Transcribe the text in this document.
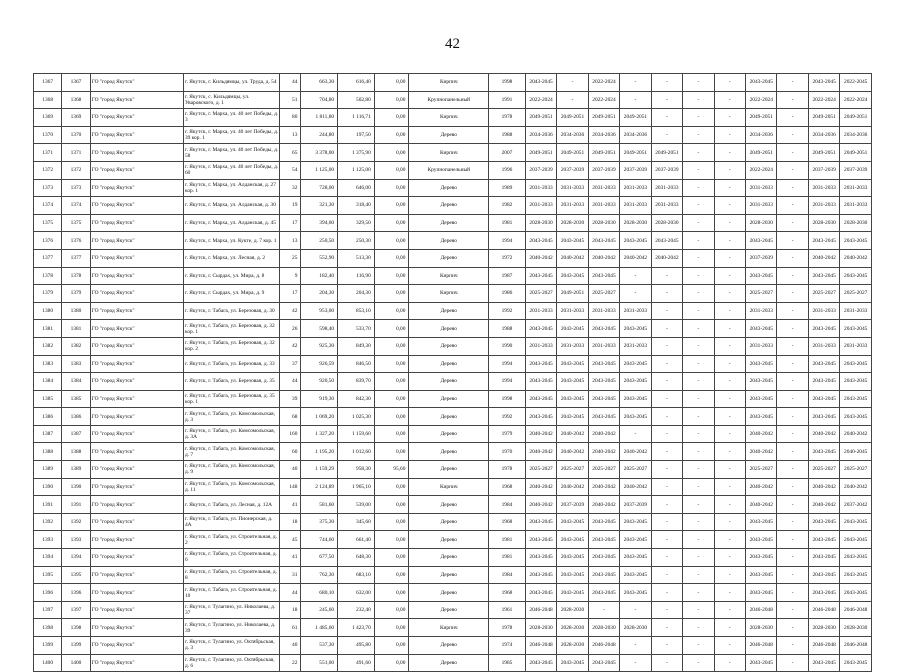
42
1367	1367	ГО "город Якутск"	г. Якутск, г. Кильдямцы, ул. Труда, д. 54	44	663,30	616,40	0,00	Кирпич	1998	2043-2045	-	2022-2024	-	-	-	-	2043-2045	-	2043-2045	2022-2045
1368	1368	ГО "город Якутск"	г. Якутск, с. Кильдямцы, ул. Уваровского, д. 1	51	704,80	502,80	0,00	Крупнопанельный	1991	2022-2024	-	2022-2024	-	-	-	-	2022-2024	-	2022-2024	2022-2024
1369	1369	ГО "город Якутск"	г. Якутск, г. Марха, ул. 40 лет Победы, д. 3	80	1 811,80	1 116,71	0,00	Кирпич	1978	2049-2051	2049-2051	2049-2051	2049-2051	-	-	-	2049-2051	-	2049-2051	2049-2051
1370	1370	ГО "город Якутск"	г. Якутск, г. Марха, ул. 40 лет Победы, д. 39 кор. 1	13	244,80	197,50	0,00	Дерево	1988	2034-2036	2034-2036	2034-2036	2034-2036	-	-	-	2034-2036	-	2034-2036	2034-2036
1371	1371	ГО "город Якутск"	г. Якутск, г. Марха, ул. 40 лет Победы, д. 58	65	3 378,00	1 375,90	0,00	Кирпич	2007	2049-2051	2049-2051	2049-2051	2049-2051	2049-2051	-	-	2049-2051	-	2049-2051	2049-2051
1372	1372	ГО "город Якутск"	г. Якутск, г. Марха, ул. 40 лет Победы, д. 60	54	1 125,00	1 125,00	0,00	Крупнопанельный	1996	2037-2039	2037-2039	2037-2039	2037-2039	2037-2039	-	-	2022-2024	-	2037-2039	2037-2039
1373	1373	ГО "город Якутск"	г. Якутск, г. Марха, ул. Алданская, д. 27 кор. 1	32	728,00	646,00	0,00	Дерево	1989	2031-2033	2031-2033	2031-2033	2031-2033	2031-2033	-	-	2031-2033	-	2031-2033	2031-2033
1374	1374	ГО "город Якутск"	г. Якутск, г. Марха, ул. Алданская, д. 30	19	321,30	318,40	0,00	Дерево	1982	2031-2033	2031-2033	2031-2033	2031-2033	2031-2033	-	-	2031-2033	-	2031-2033	2031-2033
1375	1375	ГО "город Якутск"	г. Якутск, г. Марха, ул. Алданская, д. 45	17	394,60	329,50	0,00	Дерево	1981	2028-2030	2028-2030	2028-2030	2028-2030	2028-2030	-	-	2028-2030	-	2028-2030	2028-2030
1376	1376	ГО "город Якутск"	г. Якутск, г. Марха, ул. Кукте, д. 7 кор. 1	13	250,50	250,30	0,00	Дерево	1994	2043-2045	2043-2045	2043-2045	2043-2045	2043-2045	-	-	2043-2045	-	2043-2045	2043-2045
1377	1377	ГО "город Якутск"	г. Якутск, г. Марха, ул. Лесная, д. 2	25	552,90	513,30	0,00	Дерево	1972	2040-2042	2040-2042	2040-2042	2040-2042	2040-2042	-	-	2037-2039	-	2040-2042	2040-2042
1378	1378	ГО "город Якутск"	г. Якутск, г. Сырдах, ул. Мира, д. 8	9	182,40	116,90	0,00	Кирпич	1987	2043-2045	2043-2045	2043-2045	-	-	-	-	2043-2045	-	2043-2045	2043-2045
1379	1379	ГО "город Якутск"	г. Якутск, г. Сырдах, ул. Мира, д. 9	17	204,30	204,30	0,00	Кирпич	1986	2025-2027	2049-2051	2025-2027	-	-	-	-	2025-2027	-	2025-2027	2025-2027
1380	1380	ГО "город Якутск"	г. Якутск, г. Табага, ул. Березовая, д. 30	42	953,00	853,10	0,00	Дерево	1992	2031-2033	2031-2033	2031-2033	2031-2033	-	-	-	2031-2033	-	2031-2033	2031-2033
1381	1381	ГО "город Якутск"	г. Якутск, г. Табага, ул. Березовая, д. 32 кор. 1	26	598,40	533,70	0,00	Дерево	1988	2043-2045	2043-2045	2043-2045	2043-2045	-	-	-	2043-2045	-	2043-2045	2043-2045
1382	1382	ГО "город Якутск"	г. Якутск, г. Табага, ул. Березовая, д. 32 кор. 2	42	925,30	849,30	0,00	Дерево	1990	2031-2033	2031-2033	2031-2033	2031-2033	-	-	-	2031-2033	-	2031-2033	2031-2033
1383	1383	ГО "город Якутск"	г. Якутск, г. Табага, ул. Березовая, д. 33	37	926,59	846,50	0,00	Дерево	1994	2043-2045	2043-2045	2043-2045	2043-2045	-	-	-	2043-2045	-	2043-2045	2043-2045
1384	1384	ГО "город Якутск"	г. Якутск, г. Табага, ул. Березовая, д. 35	44	920,50	839,70	0,00	Дерево	1994	2043-2045	2043-2045	2043-2045	2043-2045	-	-	-	2043-2045	-	2043-2045	2043-2045
1385	1385	ГО "город Якутск"	г. Якутск, г. Табага, ул. Березовая, д. 35 кор. 1	39	919,30	842,30	0,00	Дерево	1998	2043-2045	2043-2045	2043-2045	2043-2045	-	-	-	2043-2045	-	2043-2045	2043-2045
1386	1386	ГО "город Якутск"	г. Якутск, г. Табага, ул. Комсомольская, д. 3	68	1 069,20	1 025,30	0,00	Дерево	1992	2043-2045	2043-2045	2043-2045	2043-2045	-	-	-	2043-2045	-	2043-2045	2043-2045
1387	1387	ГО "город Якутск"	г. Якутск, г. Табага, ул. Комсомольская, д. 3А	160	1 327,20	1 159,60	0,00	Дерево	1979	2040-2042	2040-2042	2040-2042	-	-	-	-	2040-2042	-	2040-2042	2040-2042
1388	1388	ГО "город Якутск"	г. Якутск, г. Табага, ул. Комсомольская, д. 7	60	1 195,20	1 012,60	0,00	Дерево	1970	2040-2042	2040-2042	2040-2042	2040-2042	-	-	-	2040-2042	-	2043-2045	2040-2045
1389	1389	ГО "город Якутск"	г. Якутск, г. Табага, ул. Комсомольская, д. 9	40	1 159,29	958,30	95,60	Дерево	1978	2025-2027	2025-2027	2025-2027	2025-2027	-	-	-	2025-2027	-	2025-2027	2025-2027
1390	1390	ГО "город Якутск"	г. Якутск, г. Табага, ул. Комсомольская, д. 11	148	2 124,89	1 965,10	0,00	Кирпич	1968	2040-2042	2040-2042	2040-2042	2040-2042	-	-	-	2040-2042	-	2040-2042	2040-2042
1391	1391	ГО "город Якутск"	г. Якутск, г. Табага, ул. Лесная, д. 12А	41	581,60	539,00	0,00	Дерево	1984	2040-2042	2037-2039	2040-2042	2037-2039	-	-	-	2040-2042	-	2040-2042	2037-2042
1392	1392	ГО "город Якутск"	г. Якутск, г. Табага, ул. Пионерская, д. 4А	18	375,30	345,60	0,00	Дерево	1968	2043-2045	2043-2045	2043-2045	2043-2045	-	-	-	2043-2045	-	2043-2045	2043-2045
1393	1393	ГО "город Якутск"	г. Якутск, г. Табага, ул. Строительная, д. 2	45	744,60	661,40	0,00	Дерево	1981	2043-2045	2043-2045	2043-2045	2043-2045	-	-	-	2043-2045	-	2043-2045	2043-2045
1394	1394	ГО "город Якутск"	г. Якутск, г. Табага, ул. Строительная, д. 6	41	677,50	648,30	0,00	Дерево	1981	2043-2045	2043-2045	2043-2045	2043-2045	-	-	-	2043-2045	-	2043-2045	2043-2045
1395	1395	ГО "город Якутск"	г. Якутск, г. Табага, ул. Строительная, д. 8	31	762,30	683,10	0,00	Дерево	1984	2043-2045	2043-2045	2043-2045	2043-2045	-	-	-	2043-2045	-	2043-2045	2043-2045
1396	1396	ГО "город Якутск"	г. Якутск, г. Табага, ул. Строительная, д. 10	44	680,10	632,00	0,00	Дерево	1968	2043-2045	2043-2045	2043-2045	2043-2045	-	-	-	2043-2045	-	2043-2045	2043-2045
1397	1397	ГО "город Якутск"	г. Якутск, г. Тулагино, ул. Николаева, д. 37	18	245,60	232,40	0,00	Дерево	1961	2046-2048	2028-2030	-	-	-	-	-	2046-2048	-	2046-2048	2046-2048
1398	1398	ГО "город Якутск"	г. Якутск, г. Тулагино, ул. Николаева, д. 39	61	1 485,60	1 423,70	0,00	Кирпич	1978	2028-2030	2028-2030	2028-2030	2028-2030	-	-	-	2028-2030	-	2028-2030	2028-2030
1399	1399	ГО "город Якутск"	г. Якутск, г. Тулагино, ул. Октябрьская, д. 3	40	537,30	495,80	0,00	Дерево	1974	2046-2048	2028-2030	2046-2048	-	-	-	-	2046-2048	-	2046-2048	2046-2048
1400	1400	ГО "город Якутск"	г. Якутск, г. Тулагино, ул. Октябрьская, д. 6	22	551,00	491,60	0,00	Дерево	1985	2043-2045	2043-2045	2043-2045	-	-	-	-	2043-2045	-	2043-2045	2043-2045
